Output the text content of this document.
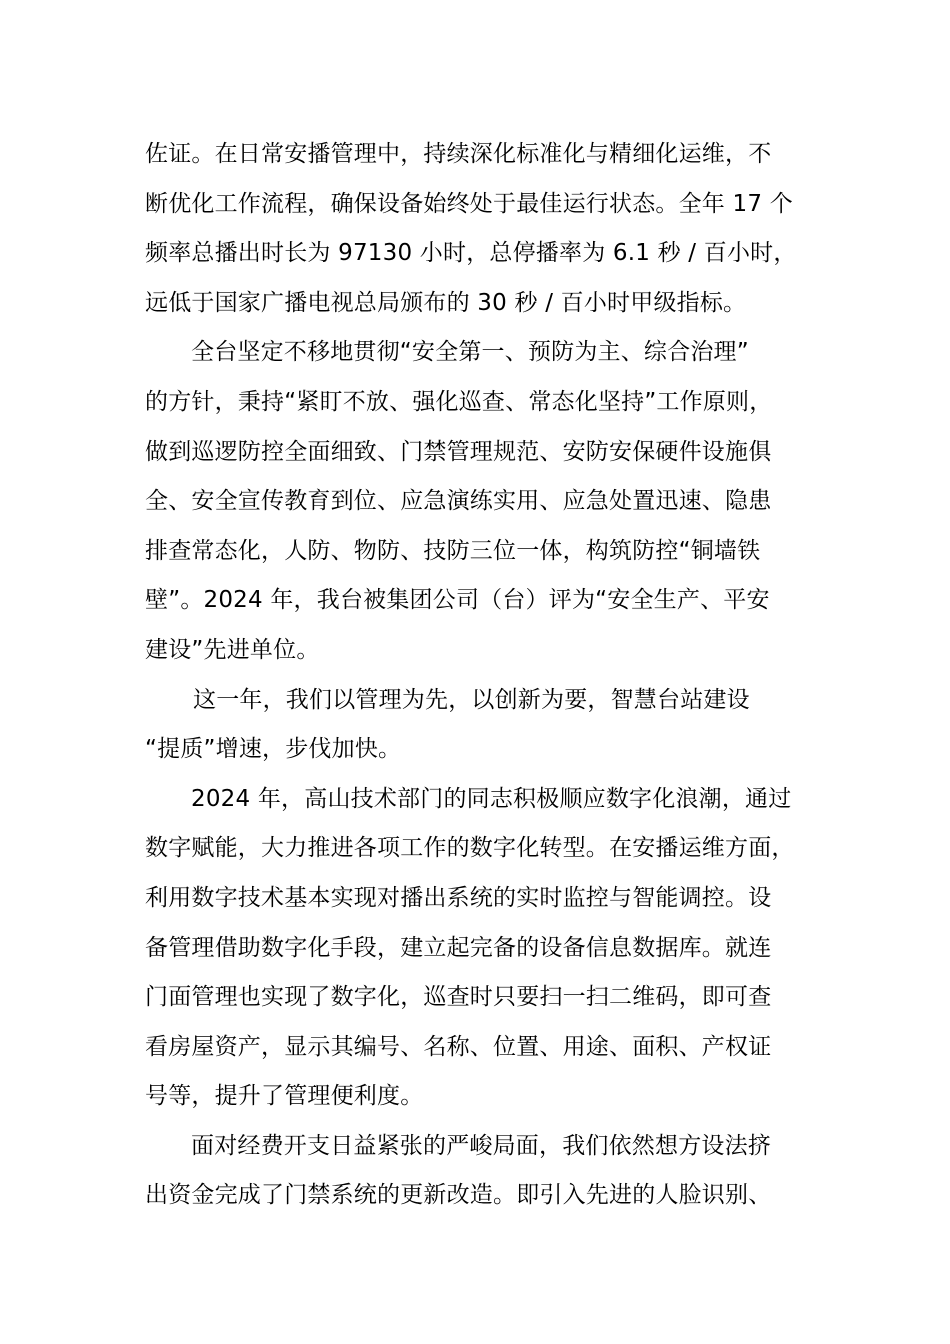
佐证。在日常安播管理中，持续深化标准化与精细化运维，不
断优化工作流程，确保设备始终处于最佳运行状态。全年 17 个
频率总播出时长为 97130 小时，总停播率为 6.1 秒 / 百小时，
远低于国家广播电视总局颁布的 30 秒 / 百小时甲级指标。
全台坚定不移地贯彻“安全第一、预防为主、综合治理”
的方针，秉持“紧盯不放、强化巡查、常态化坚持”工作原则，
做到巡逻防控全面细致、门禁管理规范、安防安保硬件设施俱
全、安全宣传教育到位、应急演练实用、应急处置迅速、隐患
排查常态化，人防、物防、技防三位一体，构筑防控“铜墙铁
壁”。2024 年，我台被集团公司（台）评为“安全生产、平安
建设”先进单位。
这一年，我们以管理为先，以创新为要，智慧台站建设
“提质”增速，步伐加快。
2024 年，高山技术部门的同志积极顺应数字化浪潮，通过
数字赋能，大力推进各项工作的数字化转型。在安播运维方面，
利用数字技术基本实现对播出系统的实时监控与智能调控。设
备管理借助数字化手段，建立起完备的设备信息数据库。就连
门面管理也实现了数字化，巡查时只要扫一扫二维码，即可查
看房屋资产，显示其编号、名称、位置、用途、面积、产权证
号等，提升了管理便利度。
面对经费开支日益紧张的严峻局面，我们依然想方设法挤
出资金完成了门禁系统的更新改造。即引入先进的人脸识别、
